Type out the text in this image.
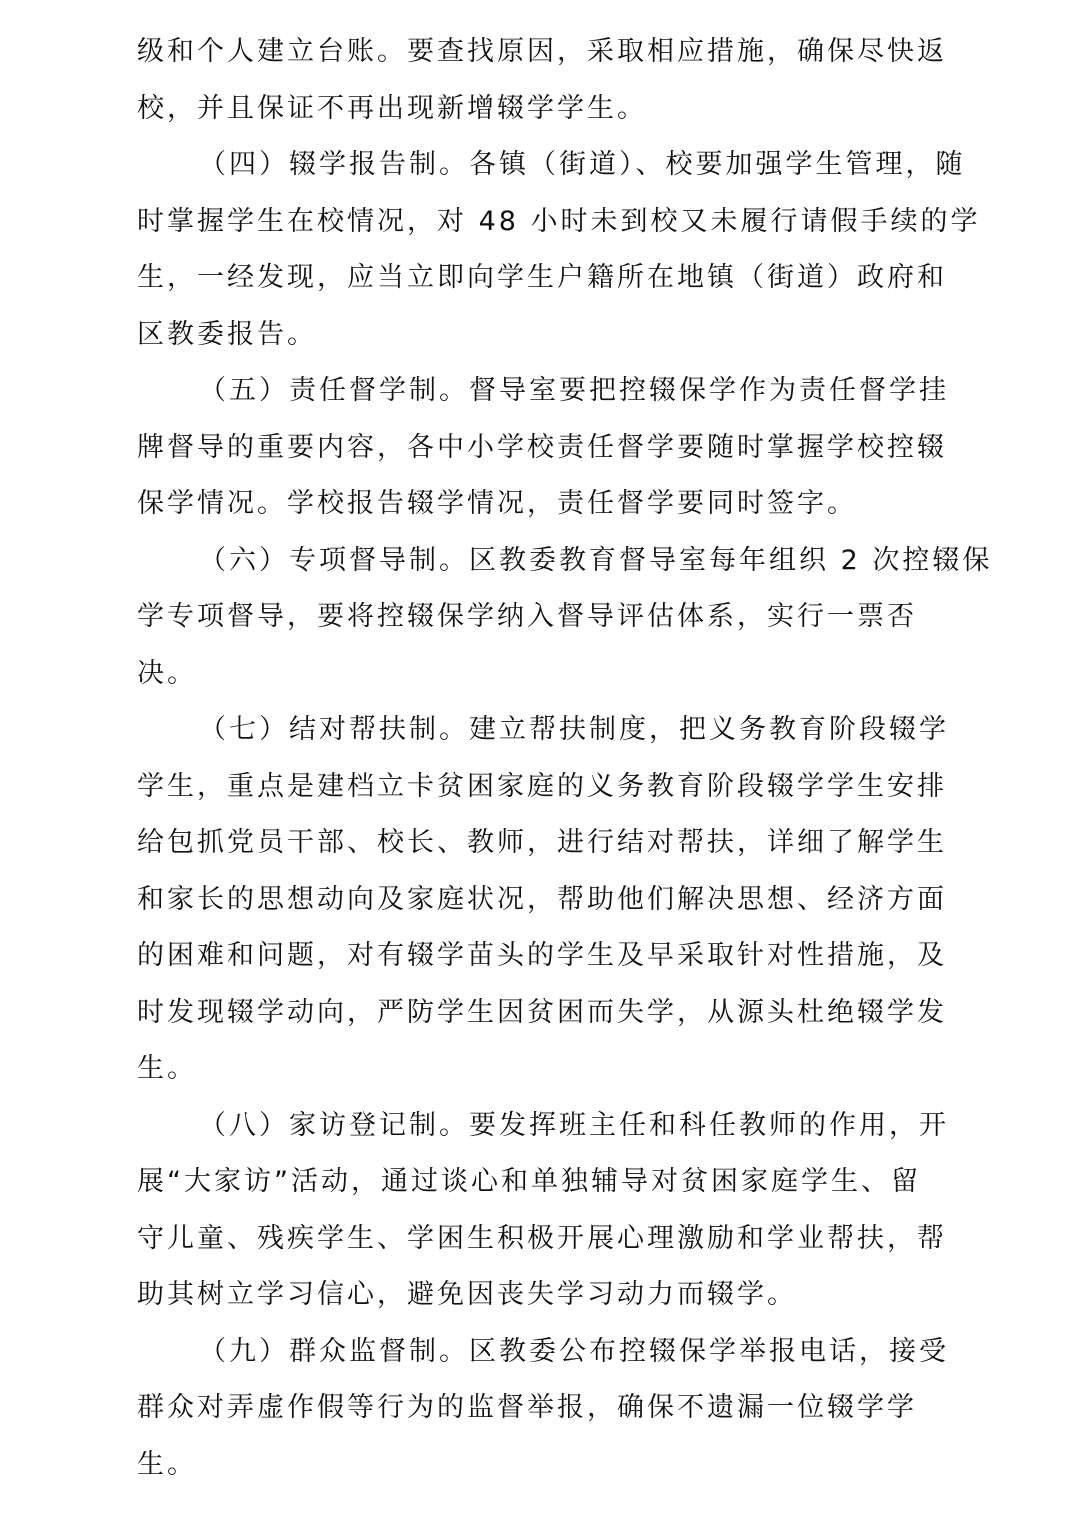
级和个人建立台账。要查找原因，采取相应措施，确保尽快返
校，并且保证不再出现新增辍学学生。
（四）辍学报告制。各镇（街道）、校要加强学生管理，随
时掌握学生在校情况，对 48 小时未到校又未履行请假手续的学
生，一经发现，应当立即向学生户籍所在地镇（街道）政府和
区教委报告。
（五）责任督学制。督导室要把控辍保学作为责任督学挂
牌督导的重要内容，各中小学校责任督学要随时掌握学校控辍
保学情况。学校报告辍学情况，责任督学要同时签字。
（六）专项督导制。区教委教育督导室每年组织 2 次控辍保
学专项督导，要将控辍保学纳入督导评估体系，实行一票否
决。
（七）结对帮扶制。建立帮扶制度，把义务教育阶段辍学
学生，重点是建档立卡贫困家庭的义务教育阶段辍学学生安排
给包抓党员干部、校长、教师，进行结对帮扶，详细了解学生
和家长的思想动向及家庭状况，帮助他们解决思想、经济方面
的困难和问题，对有辍学苗头的学生及早采取针对性措施，及
时发现辍学动向，严防学生因贫困而失学，从源头杜绝辍学发
生。
（八）家访登记制。要发挥班主任和科任教师的作用，开
展“大家访”活动，通过谈心和单独辅导对贫困家庭学生、留
守儿童、残疾学生、学困生积极开展心理激励和学业帮扶，帮
助其树立学习信心，避免因丧失学习动力而辍学。
（九）群众监督制。区教委公布控辍保学举报电话，接受
群众对弄虚作假等行为的监督举报，确保不遗漏一位辍学学
生。
